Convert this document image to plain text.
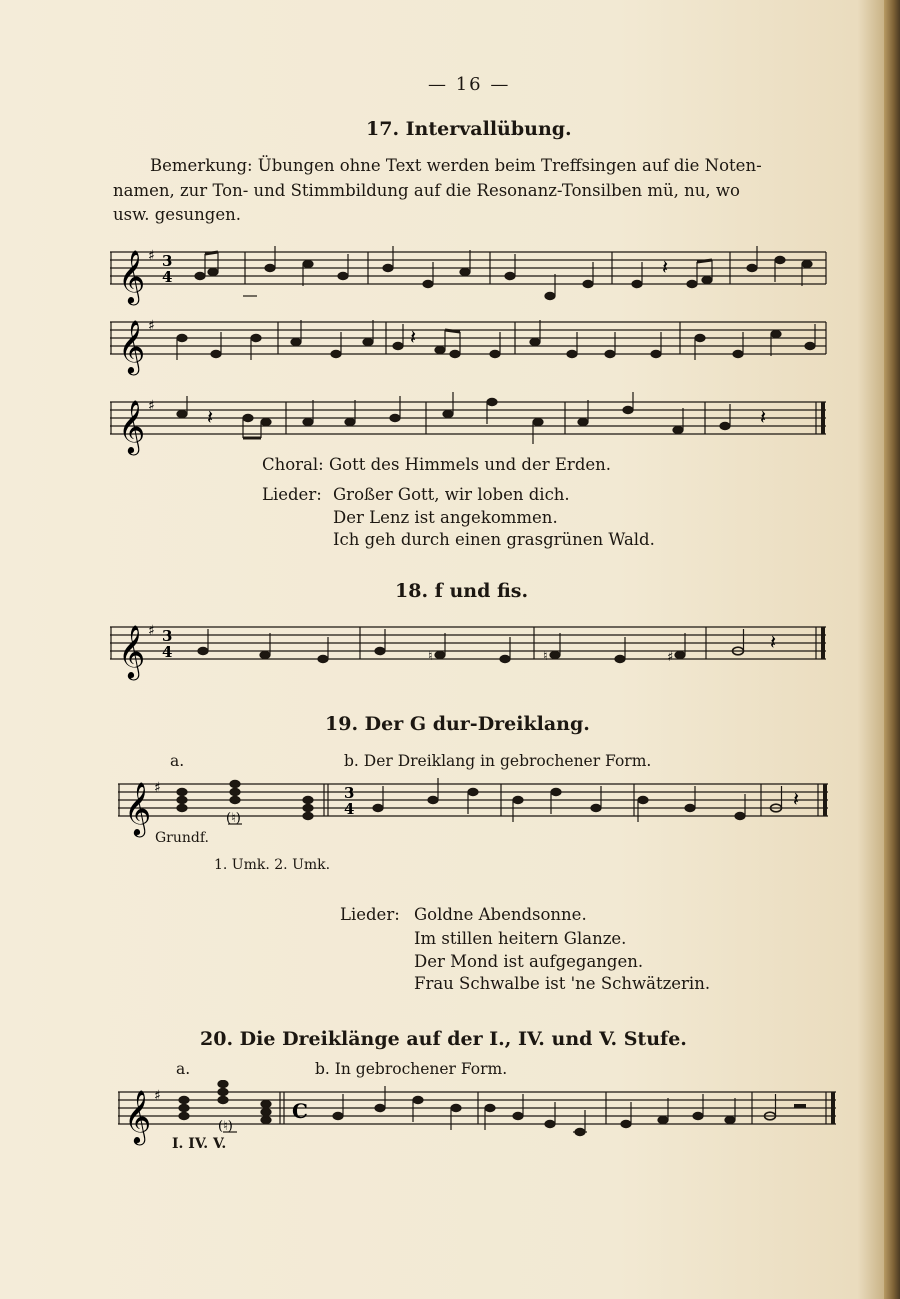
— 16 —
17. Intervallübung.
Bemerkung: Übungen ohne Text werden beim Treffsingen auf die Noten-
namen, zur Ton- und Stimmbildung auf die Resonanz-Tonsilben mü, nu, wo
usw. gesungen.
𝄞 ♯ 3
4	𝄽
𝄞 ♯	𝄽
𝄞 ♯	𝄽	𝄽
Choral: Gott des Himmels und der Erden.
Lieder: Großer Gott, wir loben dich.
Der Lenz ist angekommen.
Ich geh durch einen grasgrünen Wald.
18. f und fis.
𝄞 ♯ 3
4	♮	♮	♯
𝄽
19. Der G dur-Dreiklang.
a.	b. Der Dreiklang in gebrochener Form.
𝄞 ♯
(♮)
3
4	𝄽
Grundf.
1. Umk. 2. Umk.
Lieder: Goldne Abendsonne.
Im stillen heitern Glanze.
Der Mond ist aufgegangen.
Frau Schwalbe ist 'ne Schwätzerin.
20. Die Dreiklänge auf der I., IV. und V. Stufe.
a.	b. In gebrochener Form.
𝄞 ♯
C
(♮)
I. IV. V.
